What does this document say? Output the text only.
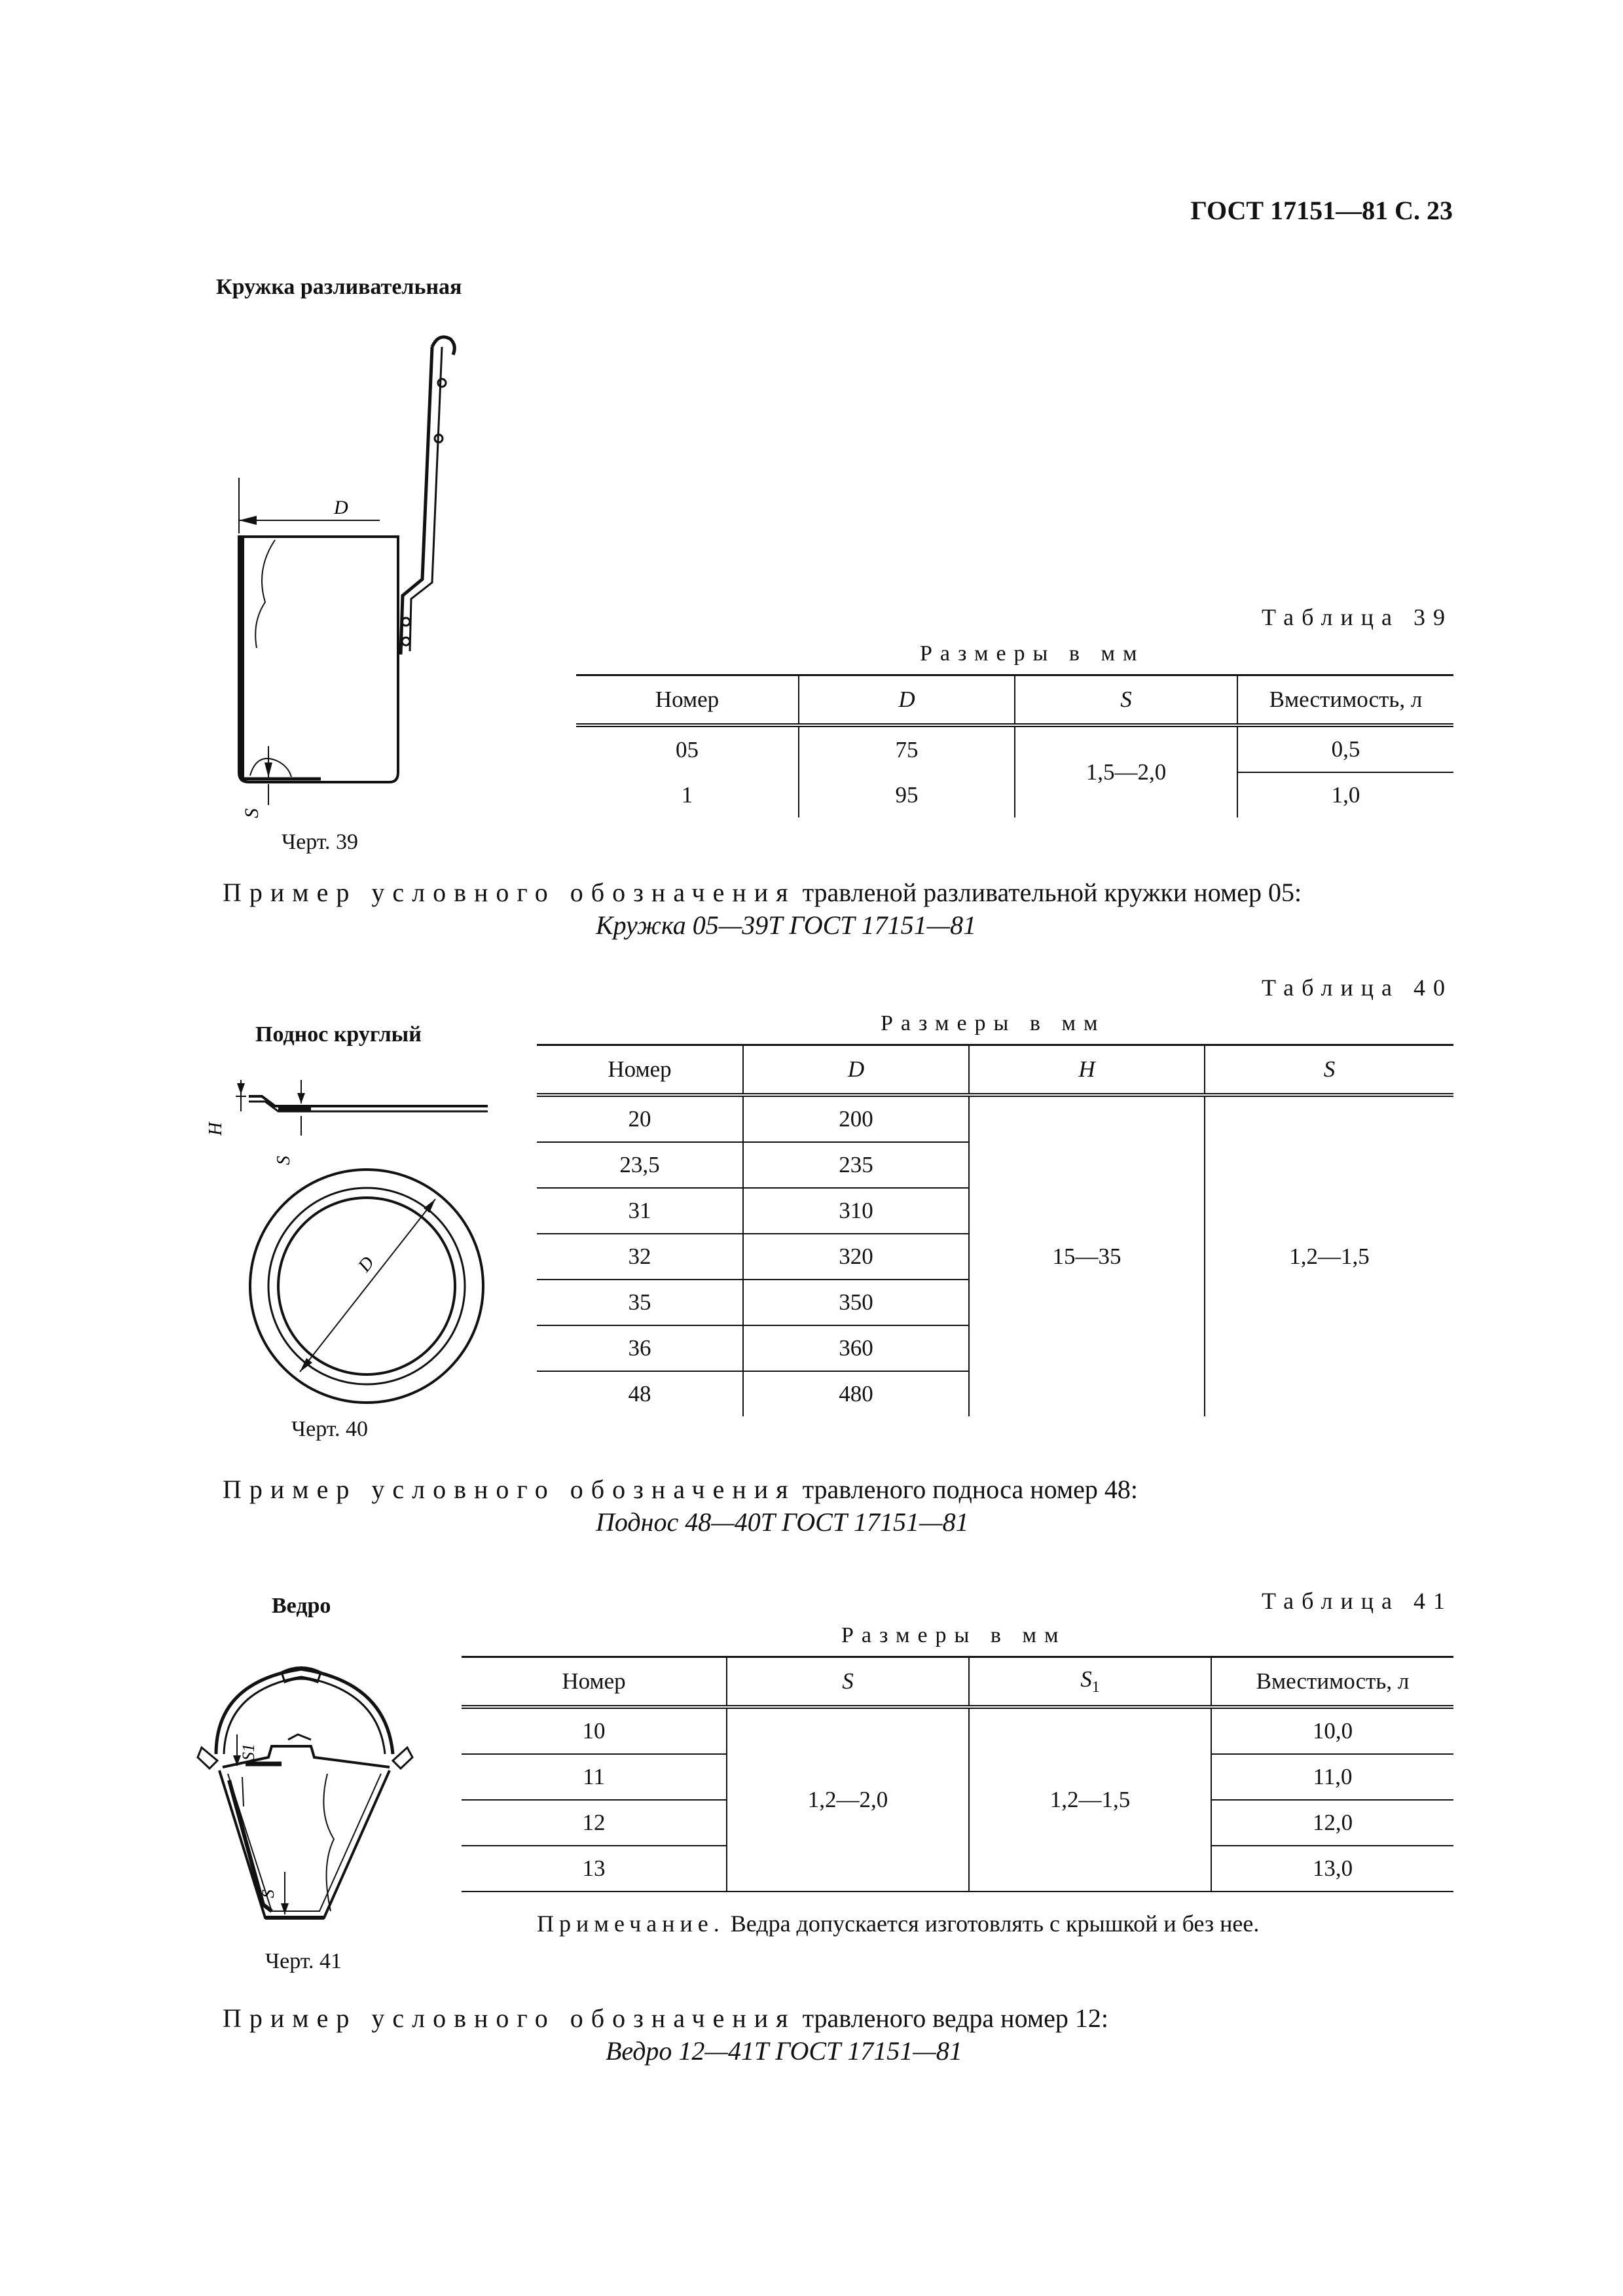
ГОСТ 17151—81 С. 23
Кружка разливательная
D
S
Черт. 39
Таблица 39
Размеры в мм
Номер	D	S	Вместимость, л
05	75	1,5—2,0	0,5
1	95		1,0
Пример условного обозначения травленой разливательной кружки номер 05:
Кружка 05—39Т ГОСТ 17151—81
Таблица 40
Поднос круглый	Размеры в мм
H
S
D
Черт. 40
Номер	D	H	S
20	200	15—35	1,2—1,5
23,5	235		
31	310		
32	320		
35	350		
36	360		
48	480		
Пример условного обозначения травленого подноса номер 48:
Поднос 48—40Т ГОСТ 17151—81
Ведро	Таблица 41
Размеры в мм
S1
S
Черт. 41
Номер	S	$S_1$	Вместимость, л
10	1,2—2,0	1,2—1,5	10,0
11			11,0
12			12,0
13			13,0
Примечание. Ведра допускается изготовлять с крышкой и без нее.
Пример условного обозначения травленого ведра номер 12:
Ведро 12—41Т ГОСТ 17151—81
